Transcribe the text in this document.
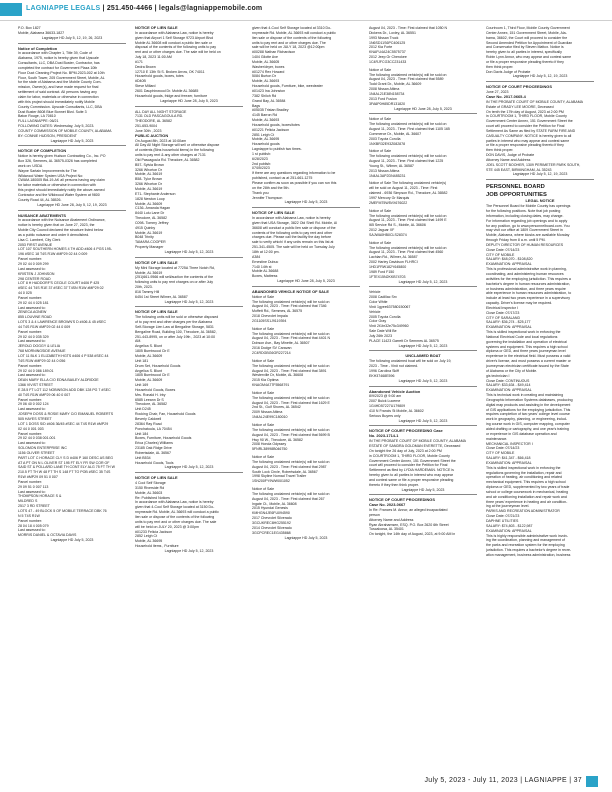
LAGNIAPPE LEGALS | 251.450-4466 | legals@lagniappemobile.com

P.O. Box 1827

Mobile, Alabama 36633-1827

Lagniappe HD July 5, 12, 19, 26, 2023

Notice of Completion

In accordance with Chapter 1, Title 39, Code of

Alabama, 1975, notice is hereby given that Upscale

Consultants, LLC, DBA Dust Buster, Contractor, has

completed the contract for Government Plaza 10th

Floor Duct Cleaning Project No. BPM-2023-002 at 10th

Floor, South Tower, 205 Government Street, Mobile, AL

for the state of Alabama and the Mobile County Com-

mission, Owner(s), and have made request for final

settlement of said contract. All persons having any

claim for labor, materials or otherwise in connection

with this project should immediately notify Mobile

County Commission. Upscale Consultants, LLC, DBA

Dust Buster 8608 Blue Bonnet Blvd. Suite 3

Baton Rouge, LA 70810

FULL LAGNIAPPE: 06/21

FOLLOWING DATES: Wednesday, July 5, 2023.

COUNTY COMMISSION OF MOBILE COUNTY, ALABAMA

BY: CONNIE HUDSON, PRESIDENT

Lagniappe HD July 5, 2023

NOTICE OF COMPLETION

Notice is hereby given Hudson Contracting Co., Inc. PO

Box 326, Semmes, AL 36575-0326 has completed

work on: USDA

Wayne Sartain Improvements for The

Wildwood Water System USA Project No:

CWAM-180005 Bid-19-AK all persons having any claim

for labor materials or otherwise in connection with

this project should immediately notify the above-named

Contractor and the Wildwood Water System at 9800

County Road 44, AL 36526.

Lagniappe HD June 28, July 5, 12, 19, 2023

NUISANCE ABATEMENTS

In accordance with the Nuisance Abatement Ordinance,

notice is hereby given that on June 27, 2023, the

Mobile City Council declared the structure listed below

as a public nuisance and order it demolished.

Lisa C. Lambert, City Clerk

2053 FIRST AVENUE

LOT 107 SOUTHERN HOMES 4 TH ADD #406 4 PGS 195-

196 #SEC 18 T4S R1W #MP29 02 44 0 009

Parcel number:

29 02 44 0 009 299

Last assessed to:

KRISTEN J JOHNSON

298 CENTER ROAD

LOT 8 H HADDORF'S CECILE COURT #406 P 425

#SEC 44 T4S R1E 37 #SEC 37 T4SN R1W #MP29 02

44 0 025

Parcel number:

29 02 44 4 025 181

Last assessed to:

ZENECA AGNEW

855 LOUVINE ROAD

LOTS 3 & 4 LAWRENCE BROWN'S D #406 & 45 #SEC

44 T4S R1W #MP29 02 44 0 009

Parcel number:

29 02 44 0 035 329

Last assessed to:

JEROLD DOGGY & LELIA

768 MORNINGSIDE AVENUE

LOT 11 BLK 1 ELIZABETH HGTS #406 4 P 538 #SEC 44

T4S R1W #MP29 02 44 0 056

Parcel number:

29 02 44 0 086 189.01

Last assessed to:

DEAN MARY ELLA C/O EDNA BAILEY ALDRIDGE

1366 VIVIST STREET

E 28.5 FT LOT 112 NOBINSON ADD DBK 128 PG 7 #SEC

40 T4S R1W #MP29 06 40 0 007

Parcel number:

29 06 40 0 002 124

Last assessed to:

JOSEPH DOSS & ROSIE MARY C/O EMANUEL ROBERTS

505 HAYES STREET

LOT 1 DOSS S/D #406 36/45 #SEC 44 T4S R1W #MP29

02 44 0 001 003

Parcel number:

29 02 44 0 038 001.001

Last assessed to:

SOLOMON ENTERPRISE INC

1156 OLIVER STREET

PART LOT C HORACE CLY S D #406 P 160 DESC AS BEG

AT A PT ON N L OLIVER ST 195 FT ELY FR SW COR OF

SAID ST & POLLARD LANE TH CONT ELY ALG 75 FT TH W

210.5 FT TH W 48 FT TH S 148 FT TO POB #SEC 35 T4S

R1W #MP29 09 51 0 007

Parcel number:

29 09 51 0 007 113

Last assessed to:

THOMPSON HORACE S &

MILDRED S

2517 3 RD STREET

LOTS 47 - 49 BLOCK 5 OF MOBILE TERRACE DBK 76

N 5 T4S R1W

Parcel number:

28 04 18 4 005 079

Last assessed to:

MORRIS DANIEL & OCTAVIA DAVIS

Lagniappe HD July 5, 2023

NOTICE OF LIEN SALE

In accordance with Alabama Law, notice is hereby

given that Airport 1 Self Storage 9723 Airport Blvd

Mobile AL 36608 will conduct a public lien sale or

disposal of the contents of the following units to pay

rent and or other charges due. The sale will be held on

July 18, 2023 11:00 AM

#171

Dedra Brown

12710 E 13th St S. Broken Arrow, OK 74011

Household goods, boxes, totes

#D40B

Steve Millard

2601 Dauphinwood Dr. Mobile AL 36685

Household goods, fridge and freezer, furniture

Lagniappe HD June 28, July 5, 2023

ALL DAY ALL NIGHT STORAGE

7131 OLD PASCAGOULA RD.

THEODORE, AL 36582

251-653-9004

June 30th , 2023

PUBLIC AUCTION

On August 8th, 2023 at 10:00am

All Day All Night Storage will sell or otherwise dispose

of contents (Bins household items) in the following

units to pay rent & any other charges at 7131

Old Pascagoula Rd. Theodore, AL 36582

B57- Sylvia Brown

3266 Whorton Dr

Mobile, AL 36619

B58- Tylor Brown

3266 Whorton Dr

Mobile, AL 36619

E71- Stephanie Anderson

1828 Newton Loop

Mobile, AL 36609

C136- Amanda Hagan

8440 Lulu Lane Dr

Theodore, AL 36582

C098- Tommy Jeffrey

4915 Quinby

Mobile, AL 36619

B048 Trinity

TAMARA COOPER

Property Manager

Lagniappe HD July 5, 12, 2023

NOTICE OF LIEN SALE

My Mini Storage located at 7725A Three Notch Rd,

Mobile, AL 36619

(251)661-9566 will sell/auction the contents of the

following units to pay rent charges on or after July

20th, 2023.

816 Tammy Hill

6454 1st Street Wilmer, AL 36587

Lagniappe HD July 5, 12, 2023

NOTICE OF LIEN SALE

The following units will be sold or otherwise disposed

of to pay rent and other charges per the Alabama

Self-Storage Lien Law at Bengaline Storage, 5831

Bengaline Road, Building 100, Theodore, AL 36582,

251-443-8995, on or after July 19th , 2023 at 10:00

AM.

Angelica S. Blunt

1805 Burntwood Cir E

Mobile, AL 36609

Unit 181

Drum Set, Household Goods

Angelica S. Blunt

1805 Burntwood Cir E

Mobile, AL 36609

Unit 169

Household Goods, Boxes

Mrs. Ronald H. Irby

6585 Leeann Dr S

Theodore, AL 36582

Unit D245

Rocking Chair, Fan, Household Goods

Beverly Caldwell

28364 Ray Road

Ponchatoula, LA 70454

Unit 184

Boxes, Furniture, Household Goods

Erica (Charles) Williams

23185 Oak Ridge Drive

Robertsdale, AL 36567

Unit B534

Household Goods, Tools

Lagniappe HD July 5, 12, 2023

NOTICE OF LIEN SALE

4 Cool Self Storage

3150 Riverside Rd

Mobile, AL 36603

Re: Published Notices

In accordance with Alabama Law, notice is hereby

given that 4-Cool Self Storage located at 3150 Do-

nnymeade Rd. Mobile, AL 36693 will conduct a public

lien sale or dispose of the contents of the following

units to pay rent and or other charges due. The sale

will be held on JULY 20, 2023 @ 3:00pm

#01233 Felicia Jackson

2852 Leigh Ct

Mobile, AL 36695

Household items , Furniture

Lagniappe HD July 5, 12, 2023

given that 4-Cool Self Storage located at 3310 Do-

nnymeade Rd. Mobile, AL 36693 will conduct a public

lien sale or dispose of the contents of the following

units to pay rent and or other charges due. The

sale will be held on JULY 18, 2023 @12:00pm

#00288 Nathan Richardson

1404 Gilotte Ave

Mobile, AL 36605

Washer/dryer, boxes

#01274 Rex Howard

5084 Burton Dr

Mobile, AL 36693

Household goods, Furniture, bike, weedeater

#01423 Ina Johnston

7382 Shiloh Rd

Grand Bay, AL 36584

Bags

#05035 Tristan Bradley

4145 Barron Rd

Mobile, AL 36693

Household goods, boxes/totes

#01221 Felicia Jackson

2851 Leigh Ct

Mobile, AL 36695

Household goods

Lagniappe to publish two times.

1 st publish:

6/28/2023

2nd publish:

07/05/2023

If there are any questions regarding information to be

published, contact us at 251-661-1275

Please confirm as soon as possible if you can run this

on the 28th and the 5th.

Thank you

Jennifer Thompson

Lagniappe HD July 5, 2023

NOTICE OF LIEN SALE

In accordance with Alabama Law, notice is hereby

given that USA Storage, 3822 Old Shell Rd. Mobile, Al

36608 will conduct a public lien sale or dispose of the

contents of the following units to pay rent and other

charges due. Please call the facility the day before

sale to verify which/ if any units remain on this list at

251-341-4505. The sale will be held on Tuesday July

18th at 12:00 pm.

A384

Ernestine Dubuc

7140 14th st

Mobile AL 36688

Boxes, Mattress

Lagniappe HD June 28, July 5, 2023

ABANDONED VEHICLE NOTICE OF SALE

Notice of Sale

The following unclaimed vehicle(s) will be sold on

August 04, 2023 - Time: First claimed that 7346

Moffett Rd., Semmes, AL 36575

2018 Chevrolet Impala

2G1105SS1J9119394

Notice of Sale

The following unclaimed vehicle(s) will be sold on

August 04, 2023 - Time: First claimed that 4401 N

Dobson Ave., Bay Minette, AL 36507

2016 Dodge SV Caravan

2C4RDGBG6GR227214

Notice of Sale

The following unclaimed vehicle(s) will be sold on

August 04, 2023 - Time: First claimed that 3891

Westerville Dr, Mobile, AL 36608

2015 Kia Optima

KNAGM4A77F5568791

Notice of Sale

The following unclaimed vehicle(s) will be sold on

August 04, 2023 - Time: First claimed that 1629 E

2nd St., Gulf Shores, AL 36542

2009 Nissan Altima

1N4AL24E99C180010

Notice of Sale

The following unclaimed vehicle(s) will be sold on

August 04, 2023 - Time: First claimed that 5699 B

Hwy 90 W., Theodore, AL 36582

2008 Honda Odyssey

5FNRL38998B046750

Notice of Sale

The following unclaimed vehicle(s) will be sold on

August 04, 2023 - Time: First claimed that 2987

South Lock Circle, Robertsdale, AL 36567

1998 Skyline Nomad Travel Trailer

1SN200FY9WW001052

Notice of Sale

The following unclaimed vehicle(s) will be sold on

August 04, 2023 - Time: First claimed that 267

Ingate Ct., Mobile, AL 36608

2015 Hyundai Genesis

KMHGN4JE6FU094590

2017 Chevrolet Silverado

3GCUKREC8HG255192

2014 Chevrolet Silverado

3GCPCREC1EG435868

Lagniappe HD July 5, 2023

August 04, 2023 - Time: First claimed that 1050 N

Dickens Dr., Loxley, AL 36551

1993 Nissan Truck

1N6SD11S6PC406125

2012 Kia Forte

KNAFU4A24C5575737

2012 Jeep Gr Cherokee

1C4RJFCG3CC231433

Notice of Sale

The following unclaimed vehicle(s) will be sold on

August 04, 2023 - Time: First claimed that 5589

Todd Grant Dr., Mobile, AL 36609

2008 Nissan Altima

1N4AL21E38N158734

2013 Ford Fusion

3FA6P0H85DR131820

Lagniappe HD June 28, July 5, 2023

Notice of Sale

The following unclaimed vehicle(s) will be sold on

August 11, 2023 - Time: First claimed that 1105 165

Commerce Dr., Mobile, AL 36607

2003 Toyota Corolla

1NXBR32E93Z082878

Notice of Sale

The following unclaimed vehicle(s) will be sold on

August 11, 2023 - Time: First claimed that 1225

Young St., Wilmer, AL 36587

2013 Nissan Altima

1N4AL3AP2DN485231

Notice of Sale The following unclaimed vehicle(s)

will be sold on August 11, 2023 - Time: First

claimed - 6936 Simpson Rd., Theodore, AL 36582

1997 Mercury Gr Marquis

2MEFM75W5VX676022

Notice of Sale

The following unclaimed vehicle(s) will be sold on

August 11, 2023 - Time: First claimed that 1499 E

I65 Service Rd S., Mobile, AL 36606

2012 Jaguar XF

SAJWA0HB0CLS28374

Notice of Sale

The following unclaimed vehicle(s) will be sold on

August 11, 2023 - Time: First claimed that 4560

Lachlan Rd., Wilmer, AL 36587

2002 Harley Davidson FLHRCI

1HD1FRW182Y645800

1989 Ford F150

1FTEX15N2KKB74703

Lagniappe HD July 5, 12, 2023

Vehicle

2008 Cadillac Srx

Color White

Vin# 1gyee637580150067

Vehicle

2005 Toyota Corolla

Color Gray

Vin# 2t1br32e75c349960

Sale Date Will Be

July 26th 2023

PLACE 11423 Garrett Dr Semmes AL 36575

Lagniappe HD July 5, 12, 2023

UNCLAIMED BOAT

The following unclaimed boat will be sold on July 19,

2023 - Time - Vin# not claimed.

1996 Carolina Skiff

EKH37468E596

Lagniappe HD July 5, 12, 2023

Abandoned Vehicle Auction

8/9/2023 @ 9:00 am

2007 Buick Lucerne

1G4HD57227U179809

410 N Francis St Mobile, AL 36602

Serious Buyers only

Lagniappe HD July 5, 12, 2023

NOTICE OF COURT PROCEEDING Case

No. 2023-1714-1

IN THE PROBATE COURT OF MOBILE COUNTY, ALABAMA

ESTATE OF SANDRA GOLDMAN EVERETTE, Deceased

On tonight the 26 day of July, 2023 at 2:00 PM

in COURTROOM 1, THIRD FLOOR, Mobile County

Government Center Annex, 151 Government Street the

court will proceed to consider the Petition for Final

Settlement as filed by LYDIA HARDEMAN. NOTICE is

hereby given to all parties in interest who may appear

and contest same or file a proper responsive pleading

thereto if they then think proper.

Lagniappe HD July 5, 2023

NOTICE OF COURT PROCEEDINGS

Case No. 2023-0667

In Re: Frances M. Annor, an alleged incapacitated

person

Attorney Name and Address

Ryan Abrahamsen, ESQ. P.O. Box 2620 6th Street

Tuscaloosa, AL 35401

On tonight, the 14th day of August, 2023, at 9:00 AM in

Courtroom 1, Third Floor, Mobile County Government

Center Annex, 151 Government Street, Mobile, Ala-

bama, 36602, the Court will proceed to consider the

Second Amended Petition for Appointment of Guardian

and Conservator filed by Steven Mattox. Notice is

hereby given to all parties in interest, specifically

Robin Lynn Annor, who may appear and contest same

or file a proper responsive pleading thereto if they

then think proper.

Don Davis Judge of Probate

Lagniappe HD July 5, 12, 19, 2023

NOTICE OF COURT PROCEEDINGS

June 27, 2023

Case No. 2017-0665-4

IN THE PROBATE COURT OF MOBILE COUNTY, ALABAMA

Estate of GRADY LEE MOORE, Deceased

On tenth the 17th day of August, 2023 at 2:00 PM

in COURTROOM 1, THIRD FLOOR, Mobile County

Government Center Annex, 151 Government Street the

court will proceed to consider the Petition for Final

Settlement As Same as filed by STATE FARM FIRE AND

CASUALTY COMPANY. NOTICE is hereby given to all

parties in interest who may appear and contest same

or file a proper responsive pleading thereto if they

then think proper.

DON DAVIS, Judge of Probate

Attorney Name and Address

JOEL SCOTT BOOHER, 1309 PERIMETER PARK SOUTH,

STE 445 EAST, BIRMINGHAM, AL 35243

Lagniappe HD July 5, 12, 19, 2023

PERSONNEL BOARD

JOB OPPORTUNITIES

LEGAL NOTICE

The Personnel Board for Mobile County has openings

for the following positions. Note that job posting

information, including closing dates, may change.

For information regarding job openings and to apply

for any position, go to www.personnelboard.com. You

may visit our office at 1809 Government Street in

Mobile, Alabama, where kiosks are available Monday

through Friday from 8 a.m. until 5 PM.

DEPUTY DIRECTOR OF HUMAN RESOURCES

Close Date: 07/14/23

CITY OF MOBILE

SALARY: $48,070 - $108,820

EXAMINATION: APPRAISAL

This is professional administrative work in planning,

coordinating, and administering human resources

activities for the employing jurisdiction. This requires a

bachelor's degree in human resources administration,

or business administration, and three years require

able experience in human resources administration, to

include at least two years experience in a supervisory

capacity. Driver's license may be required.

Electrical Inspector I

Close Date: 07/17/23

CITY OF SARALAND

SALARY: $36,274 - $25,177

EXAMINATION: APPRAISAL

This is skilled inspectional work in enforcing the

National Electrical Code and local regulations

governing the installation and operation of electrical

systems and equipment. This requires a high school

diploma or GED, and three years journeyman level

experience in the electrical field. Must possess a valid

driver's license, and must possess a current master or

journeyman electrician certificate issued by the State

of Alabama or the City of Mobile.

gis technician I

Close Date: CONTINUOUS

SALARY: $33,634 - $49,414

EXAMINATION: APPRAISAL

This is technical work in creating and maintaining

Geographic Information Systems databases, producing

digital map products and assisting in the development

of GIS applications for the employing jurisdiction. This

requires completion of two years' college level course

work in geography, planning, or engineering, includ-

ing course work in GIS, computer mapping, computer

aided drafting or cartography, and one year's training

or experience in GIS database operation and

maintenance.

MECHANICAL INSPECTOR I

Close Date: 07/14/23

CITY OF MOBILE

SALARY: $41,347 - $66,418

EXAMINATION: APPRAISAL

This is skilled inspectional work in enforcing the

regulations governing the installation, repair and

operation of heating, air conditioning and related

mechanical equipment. This requires a high school

diploma or GED, supplemented by two years of trade

school or college coursework in mechanical, heating

and air conditioning installation and repair work and

three years' experience in heating and air condition-

ing at the journeyman level.

PARKS AND RECREATION ADMINISTRATOR

Close Date: 07/21/23

DAPHNE UTILITIES

SALARY: $74,803 - $122,987

EXAMINATION: APPRAISAL

This is highly responsible administrative work involv-

ing the coordination, planning and management of

the parks and recreation system for the employing

jurisdiction. This requires a bachelor's degree in recre-

ation management, business administration, business

July 5, 2023 - July 11, 2023 | LAGNIAPPE | 37
